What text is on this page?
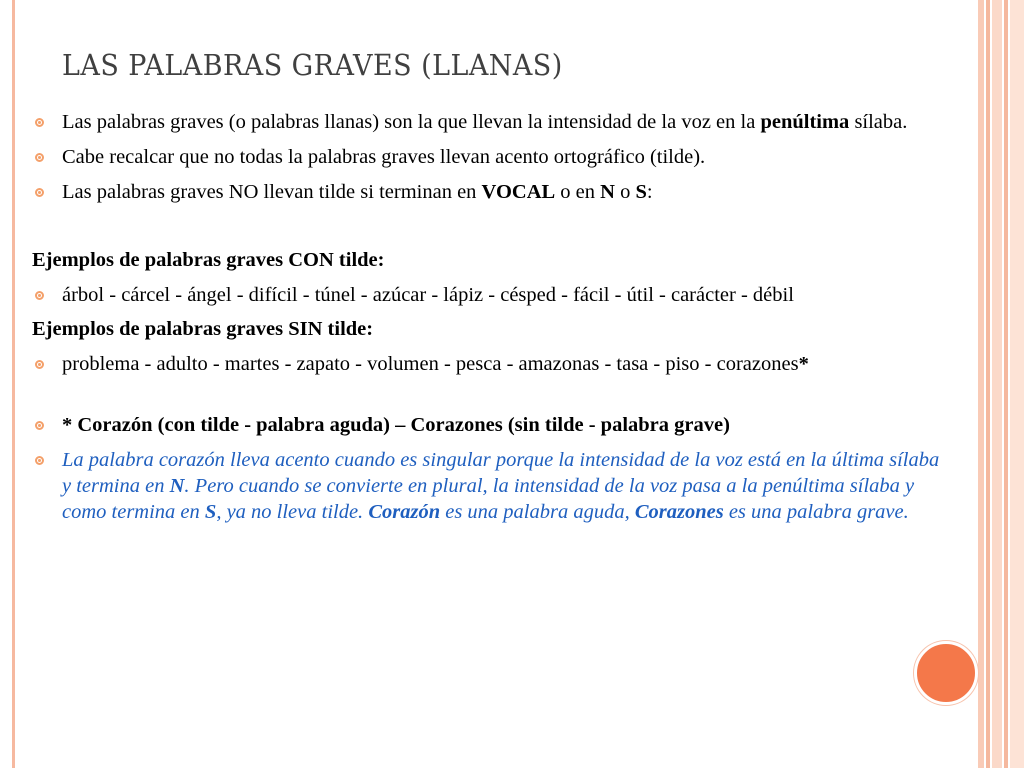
LAS PALABRAS GRAVES (LLANAS)

Las palabras graves (o palabras llanas) son la que llevan la intensidad de la voz en la penúltima sílaba.

Cabe recalcar que no todas la palabras graves llevan acento ortográfico (tilde).

Las palabras graves NO llevan tilde si terminan en VOCAL o en N o S:

Ejemplos de palabras graves CON tilde:

árbol - cárcel - ángel - difícil - túnel - azúcar - lápiz - césped - fácil - útil - carácter - débil

Ejemplos de palabras graves SIN tilde:

problema - adulto - martes - zapato - volumen - pesca - amazonas - tasa - piso - corazones*

* Corazón (con tilde - palabra aguda) – Corazones (sin tilde - palabra grave)

La palabra corazón lleva acento cuando es singular porque la intensidad de la voz está en la última sílaba y termina en N. Pero cuando se convierte en plural, la intensidad de la voz pasa a la penúltima sílaba y como termina en S, ya no lleva tilde. Corazón es una palabra aguda, Corazones es una palabra grave.
